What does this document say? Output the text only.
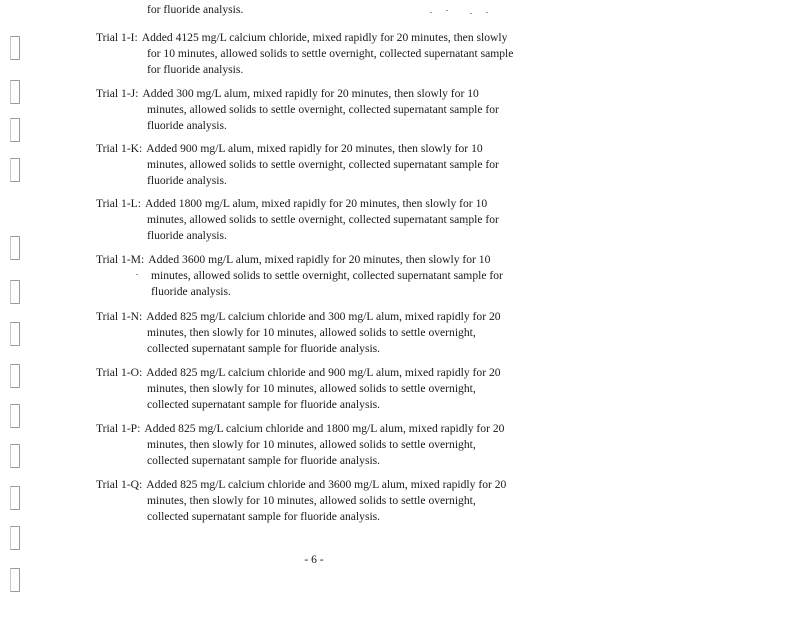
for fluoride analysis.
Trial 1-I: Added 4125 mg/L calcium chloride, mixed rapidly for 20 minutes, then slowly
for 10 minutes, allowed solids to settle overnight, collected supernatant sample
for fluoride analysis.
Trial 1-J: Added 300 mg/L alum, mixed rapidly for 20 minutes, then slowly for 10
minutes, allowed solids to settle overnight, collected supernatant sample for
fluoride analysis.
Trial 1-K: Added 900 mg/L alum, mixed rapidly for 20 minutes, then slowly for 10
minutes, allowed solids to settle overnight, collected supernatant sample for
fluoride analysis.
Trial 1-L: Added 1800 mg/L alum, mixed rapidly for 20 minutes, then slowly for 10
minutes, allowed solids to settle overnight, collected supernatant sample for
fluoride analysis.
Trial 1-M: Added 3600 mg/L alum, mixed rapidly for 20 minutes, then slowly for 10
minutes, allowed solids to settle overnight, collected supernatant sample for
fluoride analysis.
Trial 1-N: Added 825 mg/L calcium chloride and 300 mg/L alum, mixed rapidly for 20
minutes, then slowly for 10 minutes, allowed solids to settle overnight,
collected supernatant sample for fluoride analysis.
Trial 1-O: Added 825 mg/L calcium chloride and 900 mg/L alum, mixed rapidly for 20
minutes, then slowly for 10 minutes, allowed solids to settle overnight,
collected supernatant sample for fluoride analysis.
Trial 1-P: Added 825 mg/L calcium chloride and 1800 mg/L alum, mixed rapidly for 20
minutes, then slowly for 10 minutes, allowed solids to settle overnight,
collected supernatant sample for fluoride analysis.
Trial 1-Q: Added 825 mg/L calcium chloride and 3600 mg/L alum, mixed rapidly for 20
minutes, then slowly for 10 minutes, allowed solids to settle overnight,
collected supernatant sample for fluoride analysis.
- 6 -
